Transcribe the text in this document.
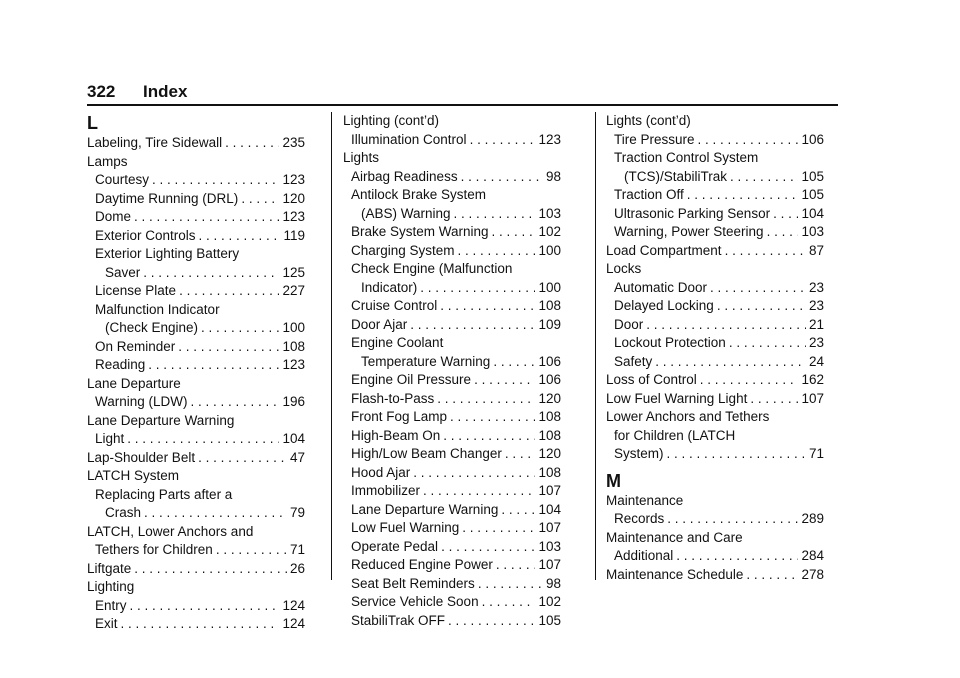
322 Index
L
Labeling, Tire Sidewall . . .	235
Lamps
Courtesy . . .	123
Daytime Running (DRL) . . .	120
Dome . . .	123
Exterior Controls . . .	119
Exterior Lighting Battery
Saver . . .	125
License Plate . . .	227
Malfunction Indicator
(Check Engine) . . .	100
On Reminder . . .	108
Reading . . .	123
Lane Departure
Warning (LDW) . . .	196
Lane Departure Warning
Light . . .	104
Lap-Shoulder Belt . . .	47
LATCH System
Replacing Parts after a
Crash . . .	79
LATCH, Lower Anchors and
Tethers for Children . . .	71
Liftgate . . .	26
Lighting
Entry . . .	124
Exit . . .	124
Lighting (cont’d)
Illumination Control . . .	123
Lights
Airbag Readiness . . .	98
Antilock Brake System
(ABS) Warning . . .	103
Brake System Warning . . .	102
Charging System . . .	100
Check Engine (Malfunction
Indicator) . . .	100
Cruise Control . . .	108
Door Ajar . . .	109
Engine Coolant
Temperature Warning . . .	106
Engine Oil Pressure . . .	106
Flash-to-Pass . . .	120
Front Fog Lamp . . .	108
High-Beam On . . .	108
High/Low Beam Changer . . .	120
Hood Ajar . . .	108
Immobilizer . . .	107
Lane Departure Warning . . .	104
Low Fuel Warning . . .	107
Operate Pedal . . .	103
Reduced Engine Power . . .	107
Seat Belt Reminders . . .	98
Service Vehicle Soon . . .	102
StabiliTrak OFF . . .	105
Lights (cont’d)
Tire Pressure . . .	106
Traction Control System
(TCS)/StabiliTrak . . .	105
Traction Off . . .	105
Ultrasonic Parking Sensor . . . 104
Warning, Power Steering . . .	103
Load Compartment . . .	87
Locks
Automatic Door . . .	23
Delayed Locking . . .	23
Door . . .	21
Lockout Protection . . .	23
Safety . . .	24
Loss of Control . . .	162
Low Fuel Warning Light . . .	107
Lower Anchors and Tethers
for Children (LATCH
System) . . .	71
M
Maintenance
Records . . .	289
Maintenance and Care
Additional . . .	284
Maintenance Schedule . . .	278
